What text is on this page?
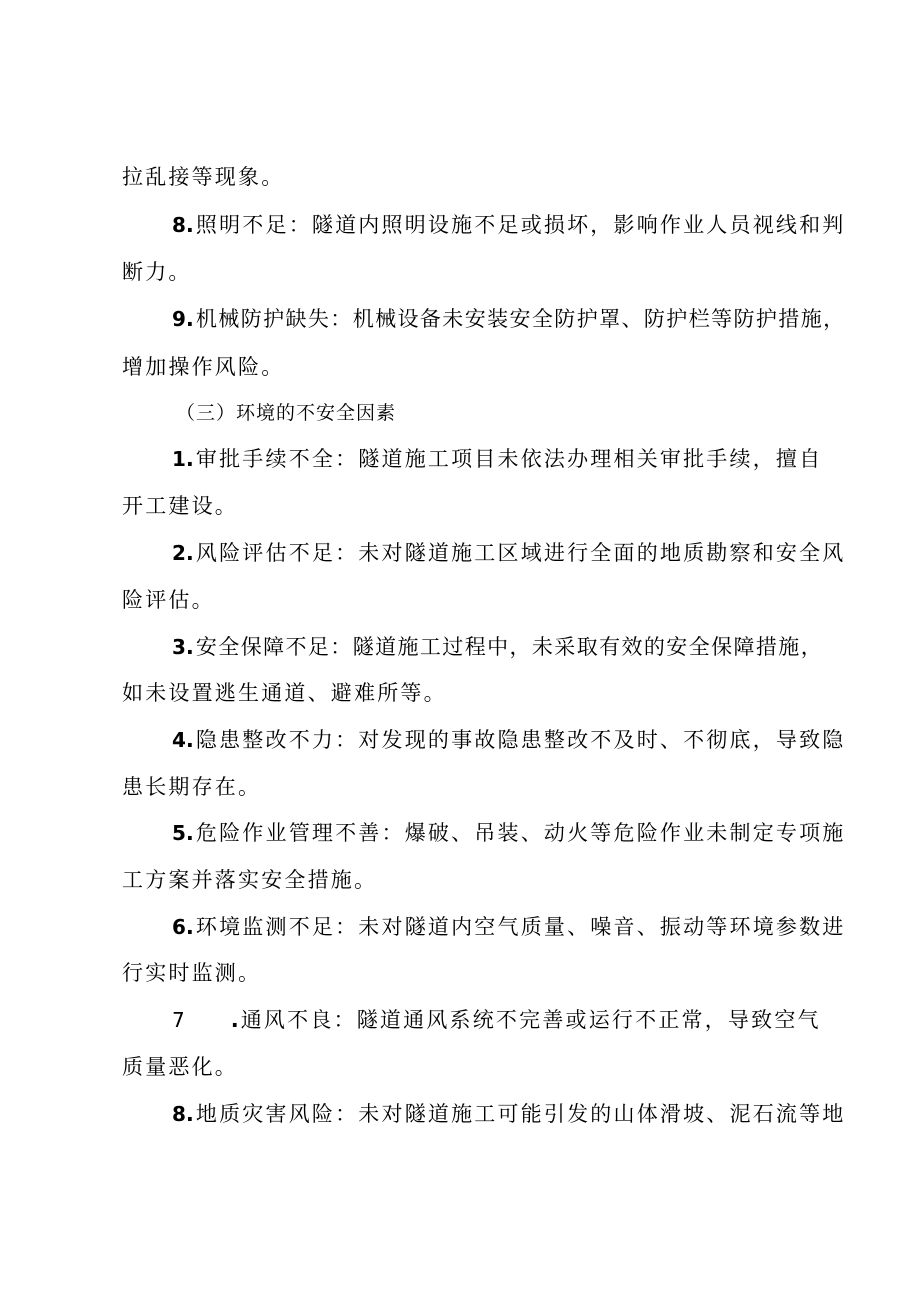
拉乱接等现象。
8.照明不足：隧道内照明设施不足或损坏，影响作业人员视线和判
断力。
9.机械防护缺失：机械设备未安装安全防护罩、防护栏等防护措施，
增加操作风险。
（三）环境的不安全因素
1.审批手续不全：隧道施工项目未依法办理相关审批手续，擅自
开工建设。
2.风险评估不足：未对隧道施工区域进行全面的地质勘察和安全风
险评估。
3.安全保障不足：隧道施工过程中，未采取有效的安全保障措施，
如未设置逃生通道、避难所等。
4.隐患整改不力：对发现的事故隐患整改不及时、不彻底，导致隐
患长期存在。
5.危险作业管理不善：爆破、吊装、动火等危险作业未制定专项施
工方案并落实安全措施。
6.环境监测不足：未对隧道内空气质量、噪音、振动等环境参数进
行实时监测。
7 .通风不良：隧道通风系统不完善或运行不正常，导致空气
质量恶化。
8.地质灾害风险：未对隧道施工可能引发的山体滑坡、泥石流等地
